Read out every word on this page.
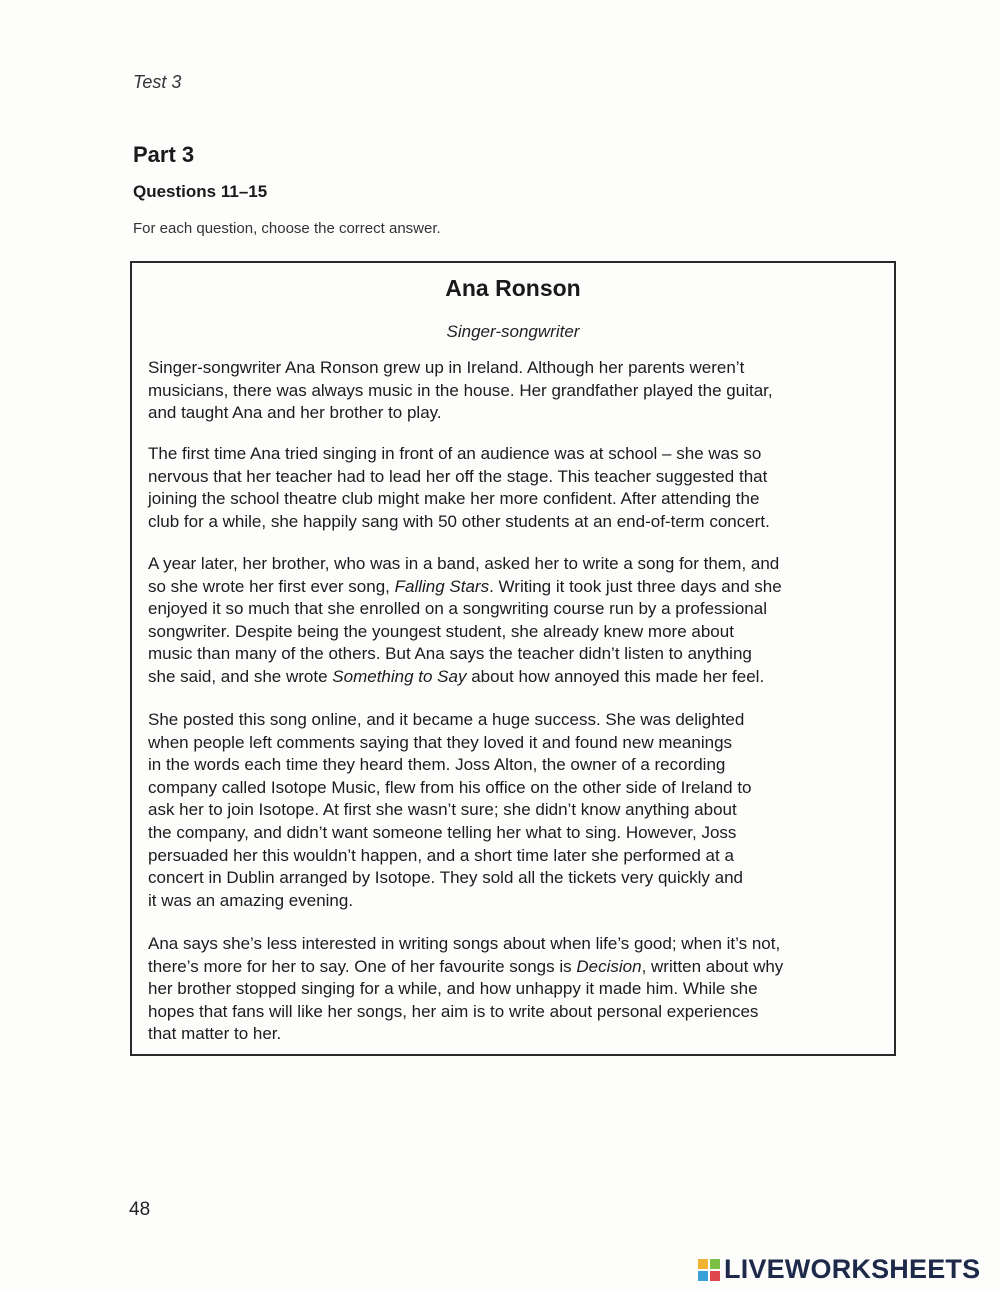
Test 3
Part 3
Questions 11–15
For each question, choose the correct answer.
Ana Ronson
Singer-songwriter

Singer-songwriter Ana Ronson grew up in Ireland. Although her parents weren’t
musicians, there was always music in the house. Her grandfather played the guitar,
and taught Ana and her brother to play.

The first time Ana tried singing in front of an audience was at school – she was so
nervous that her teacher had to lead her off the stage. This teacher suggested that
joining the school theatre club might make her more confident. After attending the
club for a while, she happily sang with 50 other students at an end-of-term concert.

A year later, her brother, who was in a band, asked her to write a song for them, and
so she wrote her first ever song, Falling Stars. Writing it took just three days and she
enjoyed it so much that she enrolled on a songwriting course run by a professional
songwriter. Despite being the youngest student, she already knew more about
music than many of the others. But Ana says the teacher didn’t listen to anything
she said, and she wrote Something to Say about how annoyed this made her feel.

She posted this song online, and it became a huge success. She was delighted
when people left comments saying that they loved it and found new meanings
in the words each time they heard them. Joss Alton, the owner of a recording
company called Isotope Music, flew from his office on the other side of Ireland to
ask her to join Isotope. At first she wasn’t sure; she didn’t know anything about
the company, and didn’t want someone telling her what to sing. However, Joss
persuaded her this wouldn’t happen, and a short time later she performed at a
concert in Dublin arranged by Isotope. They sold all the tickets very quickly and
it was an amazing evening.

Ana says she’s less interested in writing songs about when life’s good; when it’s not,
there’s more for her to say. One of her favourite songs is Decision, written about why
her brother stopped singing for a while, and how unhappy it made him. While she
hopes that fans will like her songs, her aim is to write about personal experiences
that matter to her.

48
LIVEWORKSHEETS
